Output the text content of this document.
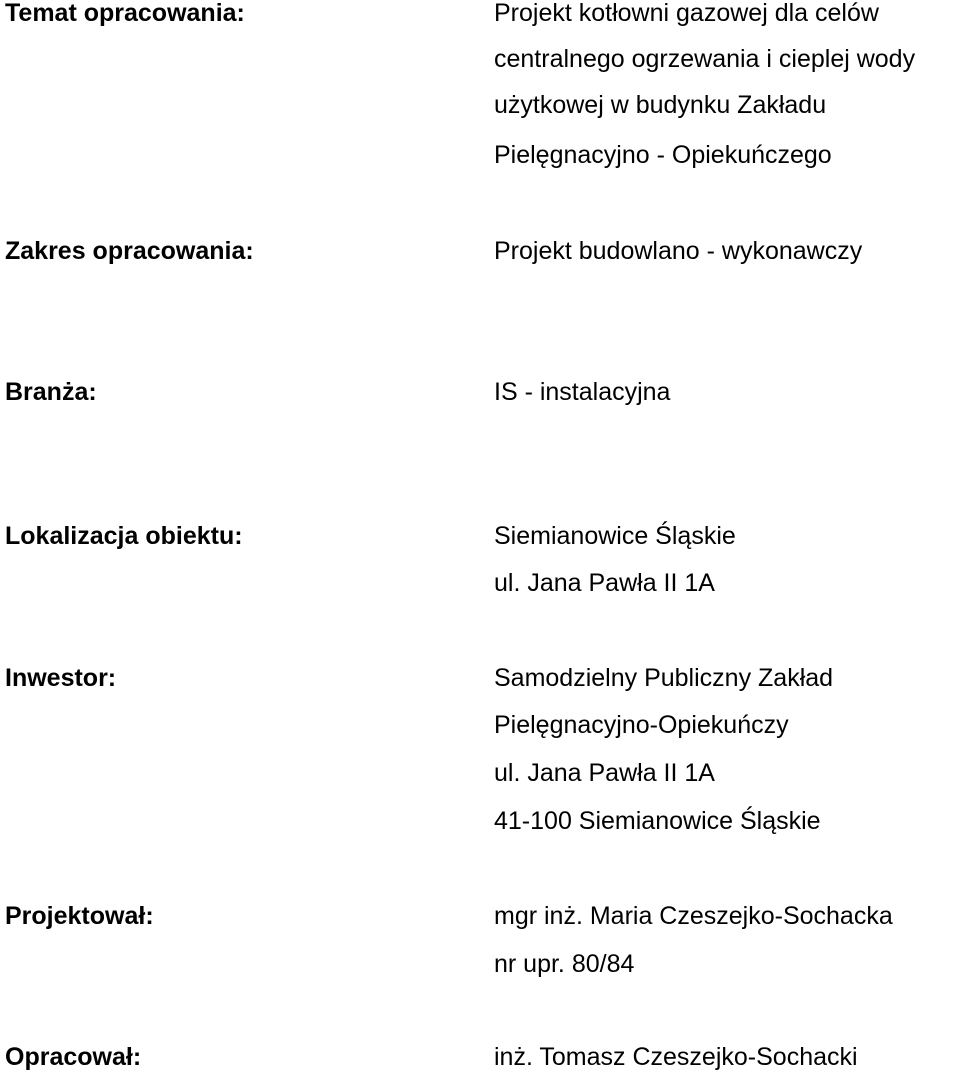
Temat opracowania:	Projekt kotłowni gazowej dla celów
centralnego ogrzewania i cieplej wody
użytkowej w budynku Zakładu
Pielęgnacyjno - Opiekuńczego
Zakres opracowania:	Projekt budowlano - wykonawczy
Branża:	IS - instalacyjna
Lokalizacja obiektu:	Siemianowice Śląskie
ul. Jana Pawła II 1A
Inwestor:	Samodzielny Publiczny Zakład
Pielęgnacyjno-Opiekuńczy
ul. Jana Pawła II 1A
41-100 Siemianowice Śląskie
Projektował:	mgr inż. Maria Czeszejko-Sochacka
nr upr. 80/84
Opracował:	inż. Tomasz Czeszejko-Sochacki
